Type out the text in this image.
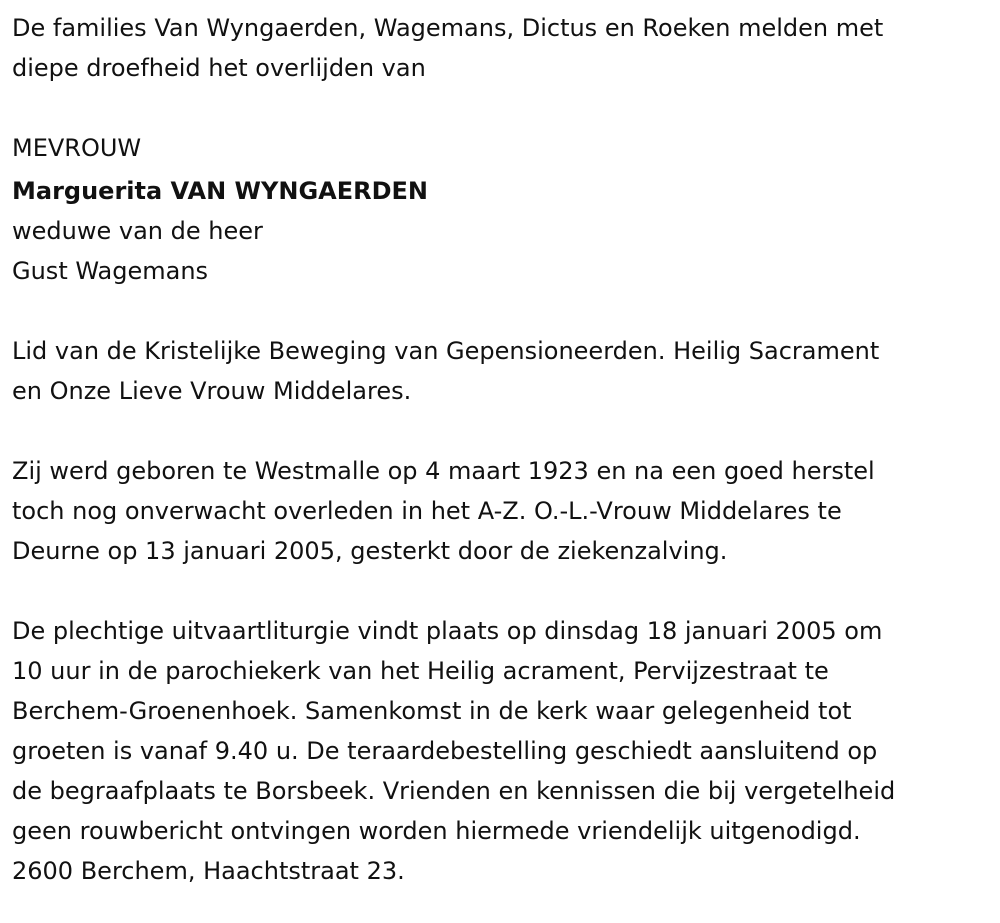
De families Van Wyngaerden, Wagemans, Dictus en Roeken melden met
diepe droefheid het overlijden van
MEVROUW
Marguerita VAN WYNGAERDEN
weduwe van de heer
Gust Wagemans
Lid van de Kristelijke Beweging van Gepensioneerden. Heilig Sacrament
en Onze Lieve Vrouw Middelares.
Zij werd geboren te Westmalle op 4 maart 1923 en na een goed herstel
toch nog onverwacht overleden in het A-Z. O.-L.-Vrouw Middelares te
Deurne op 13 januari 2005, gesterkt door de ziekenzalving.
De plechtige uitvaartliturgie vindt plaats op dinsdag 18 januari 2005 om
10 uur in de parochiekerk van het Heilig acrament, Pervijzestraat te
Berchem-Groenenhoek. Samenkomst in de kerk waar gelegenheid tot
groeten is vanaf 9.40 u. De teraardebestelling geschiedt aansluitend op
de begraafplaats te Borsbeek. Vrienden en kennissen die bij vergetelheid
geen rouwbericht ontvingen worden hiermede vriendelijk uitgenodigd.
2600 Berchem, Haachtstraat 23.
